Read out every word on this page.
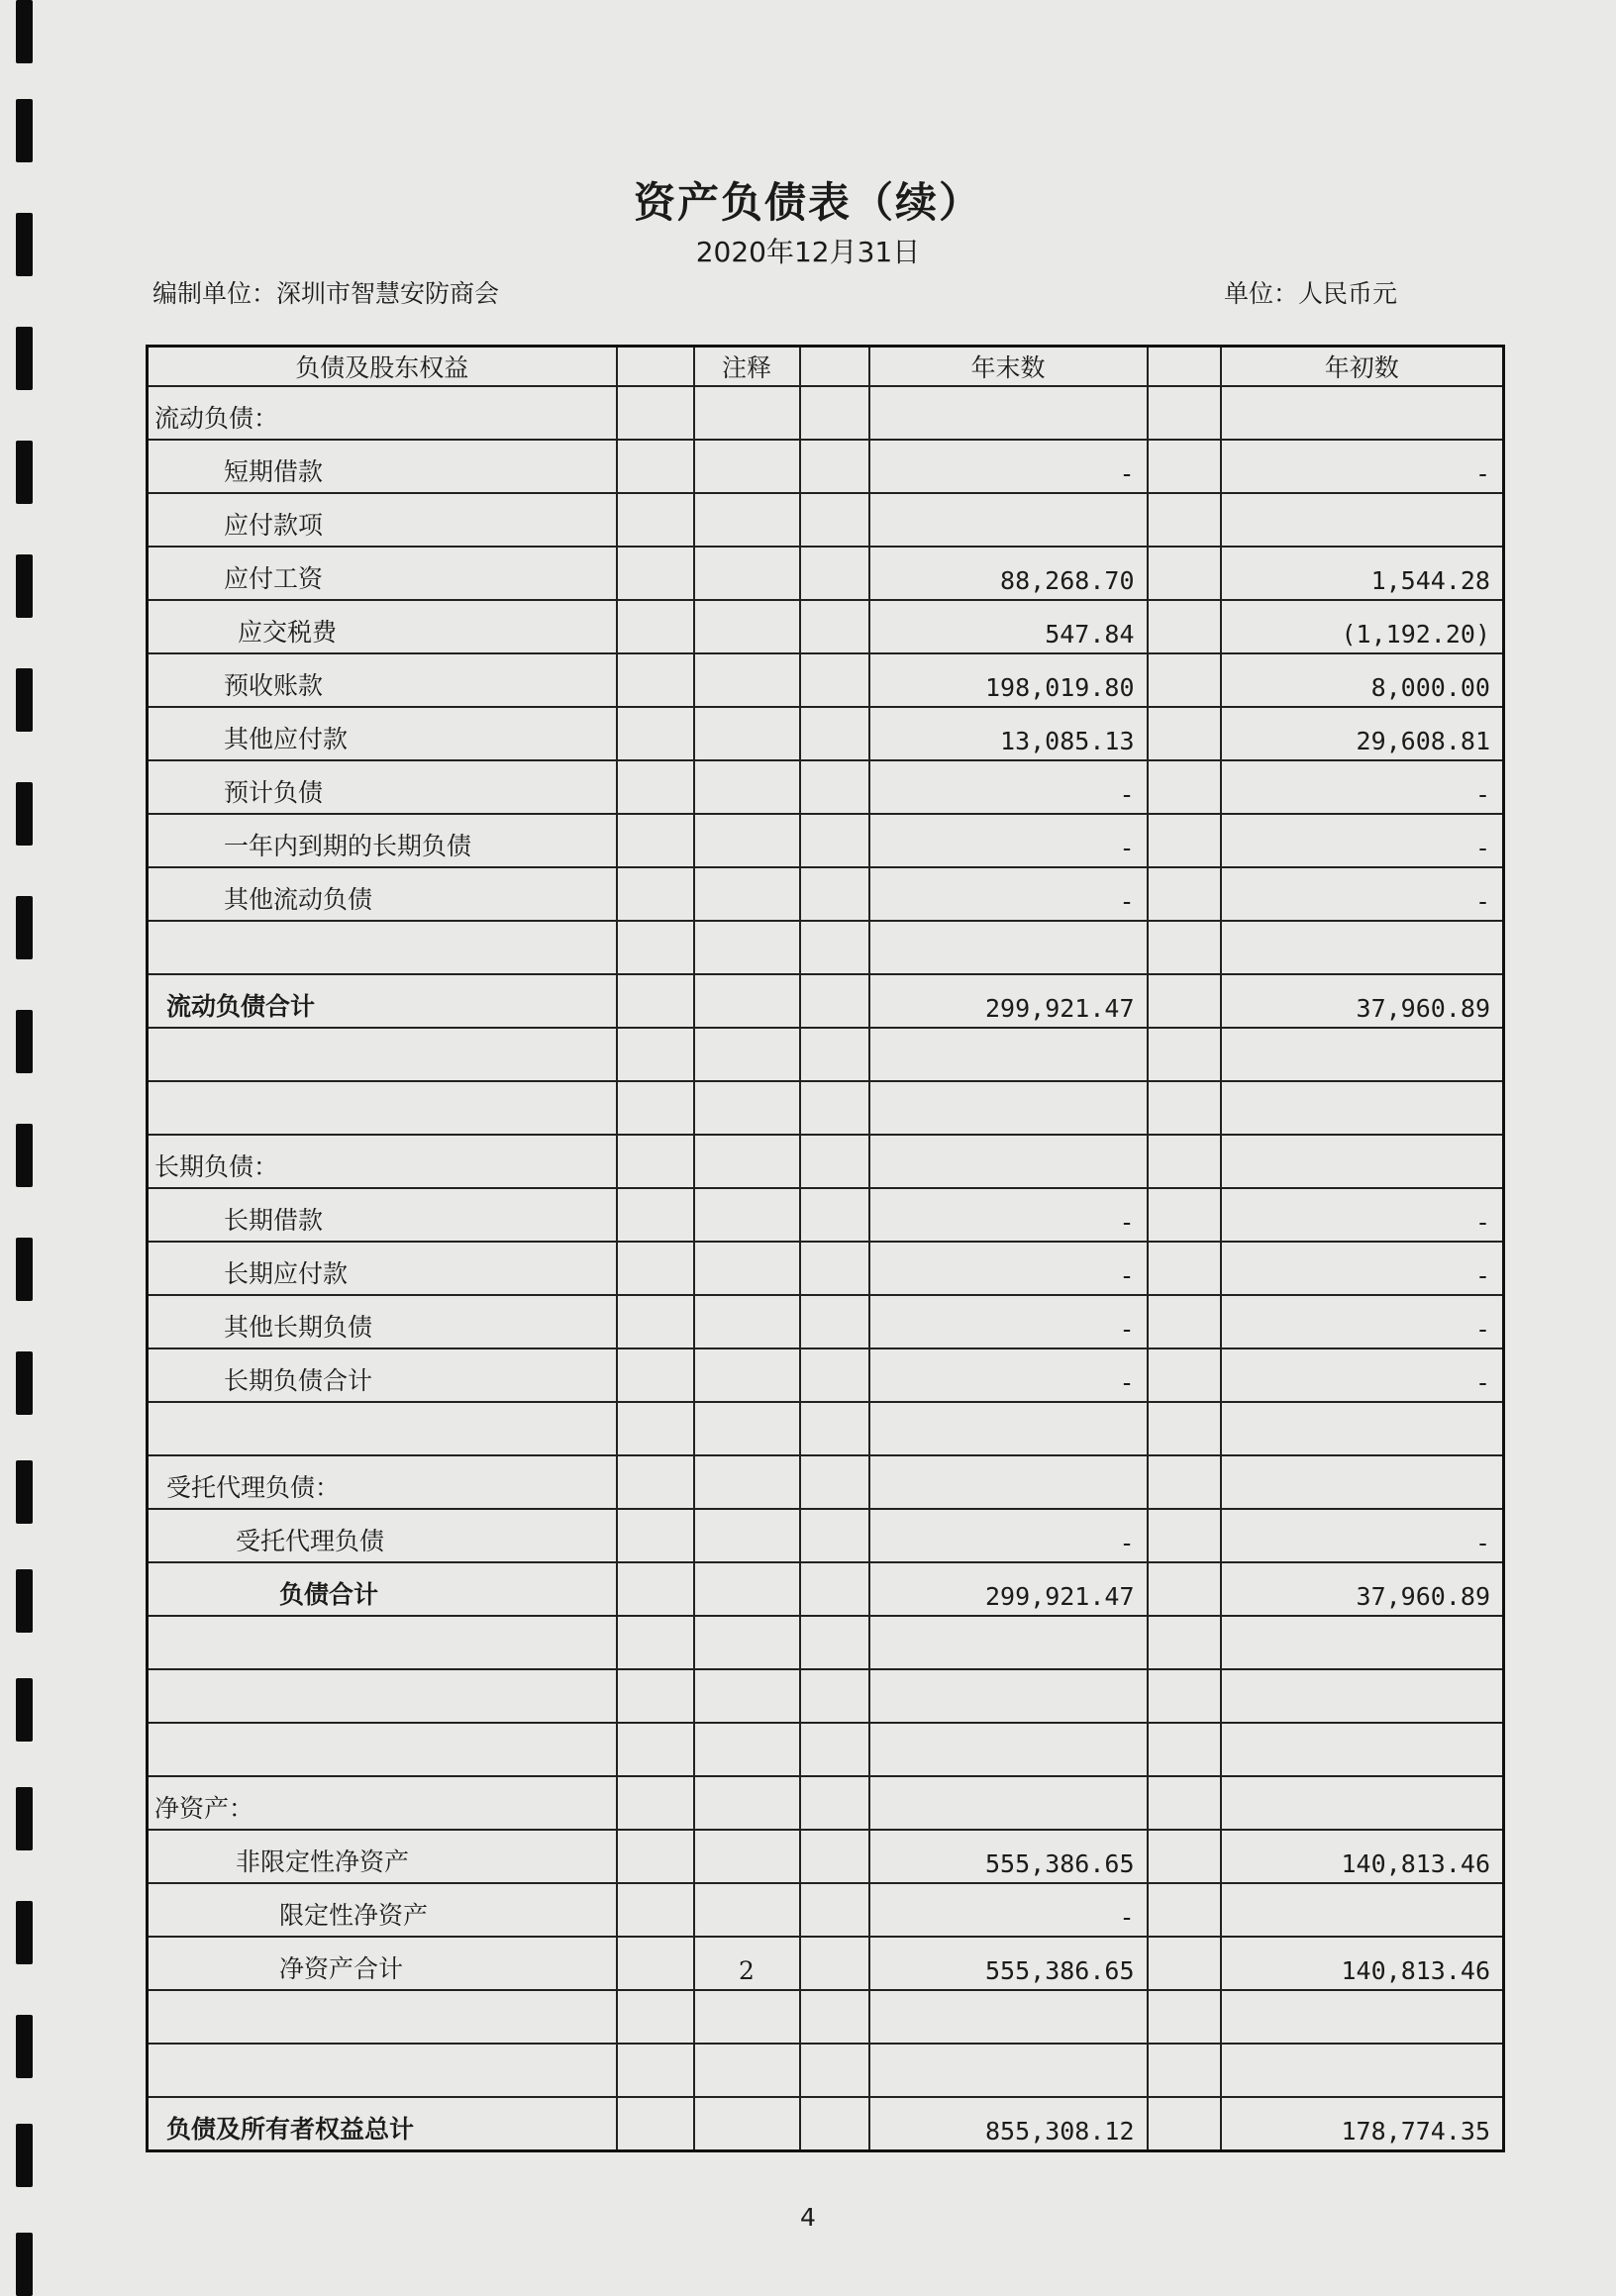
资产负债表（续）
2020年12月31日
编制单位：深圳市智慧安防商会	单位：人民币元
负债及股东权益		注释		年末数		年初数
流动负债：						
短期借款				-		-
应付款项						
应付工资				88,268.70		1,544.28
应交税费				547.84		(1,192.20)
预收账款				198,019.80		8,000.00
其他应付款				13,085.13		29,608.81
预计负债				-		-
一年内到期的长期负债				-		-
其他流动负债				-		-

流动负债合计				299,921.47		37,960.89

长期负债：						
长期借款				-		-
长期应付款				-		-
其他长期负债				-		-
长期负债合计				-		-

受托代理负债：						
受托代理负债				-		-
负债合计				299,921.47		37,960.89

净资产：						
非限定性净资产				555,386.65		140,813.46
限定性净资产				-		
净资产合计		2		555,386.65		140,813.46

负债及所有者权益总计				855,308.12		178,774.35
4
